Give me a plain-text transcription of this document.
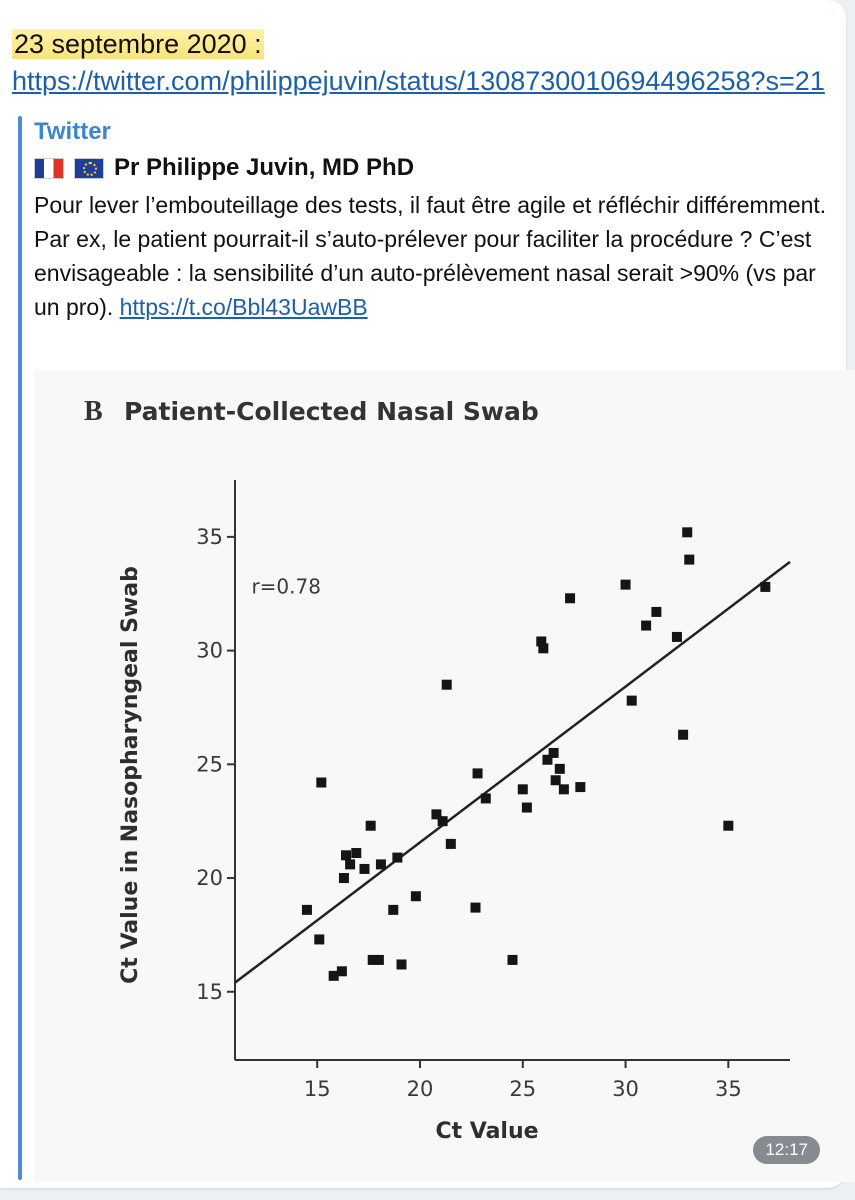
23 septembre 2020 : https://twitter.com/philippejuvin/status/1308730010694496258?s=21
Twitter
Pr Philippe Juvin, MD PhD
Pour lever l’embouteillage des tests, il faut être agile et réfléchir différemment. Par ex, le patient pourrait-il s’auto-prélever pour faciliter la procédure ? C’est envisageable : la sensibilité d’un auto-prélèvement nasal serait >90% (vs par un pro). https://t.co/Bbl43UawBB
B Patient-Collected Nasal Swab
r=0.78
Ct Value
Ct Value in Nasopharyngeal Swab
15	20	25	30	35
15
20
25
30
35
12:17
